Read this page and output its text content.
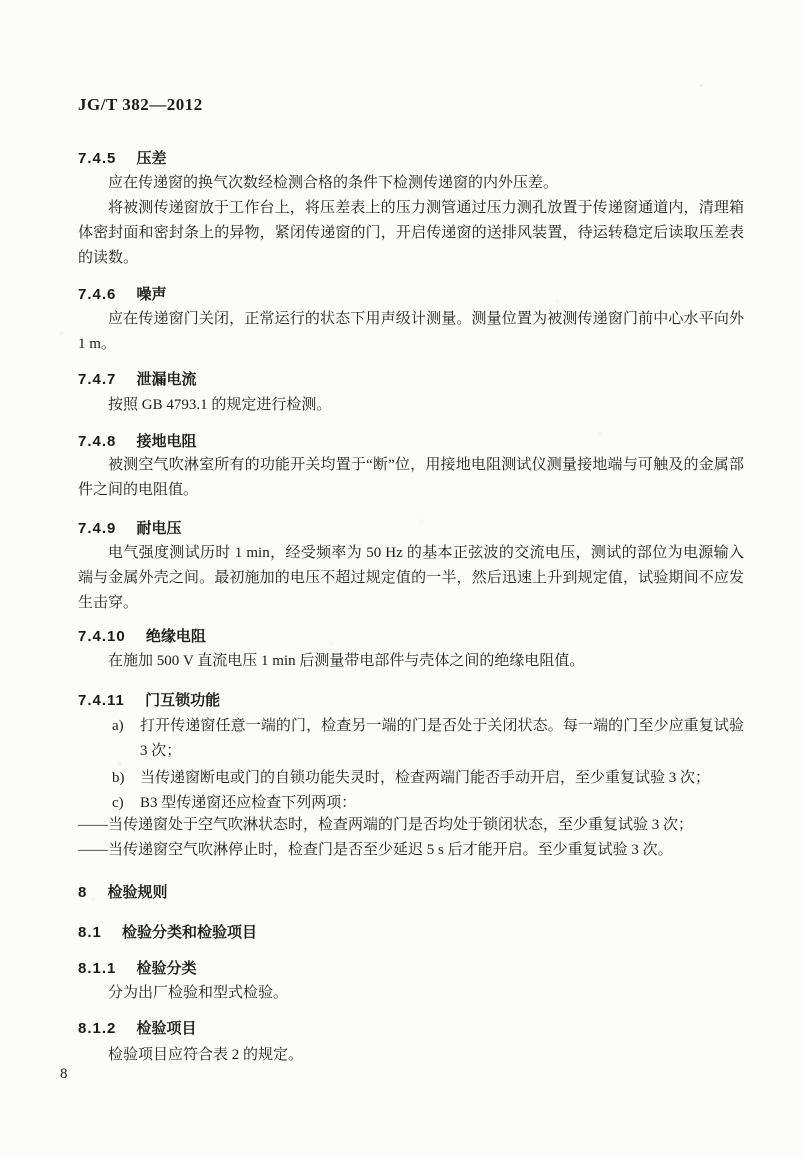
JG/T 382—2012
7.4.5 压差
应在传递窗的换气次数经检测合格的条件下检测传递窗的内外压差。
将被测传递窗放于工作台上，将压差表上的压力测管通过压力测孔放置于传递窗通道内，清理箱体密封面和密封条上的异物，紧闭传递窗的门，开启传递窗的送排风装置，待运转稳定后读取压差表的读数。
7.4.6 噪声
应在传递窗门关闭，正常运行的状态下用声级计测量。测量位置为被测传递窗门前中心水平向外 1 m。
7.4.7 泄漏电流
按照 GB 4793.1 的规定进行检测。
7.4.8 接地电阻
被测空气吹淋室所有的功能开关均置于“断”位，用接地电阻测试仪测量接地端与可触及的金属部件之间的电阻值。
7.4.9 耐电压
电气强度测试历时 1 min，经受频率为 50 Hz 的基本正弦波的交流电压，测试的部位为电源输入端与金属外壳之间。最初施加的电压不超过规定值的一半，然后迅速上升到规定值，试验期间不应发生击穿。
7.4.10 绝缘电阻
在施加 500 V 直流电压 1 min 后测量带电部件与壳体之间的绝缘电阻值。
7.4.11 门互锁功能
a) 打开传递窗任意一端的门，检查另一端的门是否处于关闭状态。每一端的门至少应重复试验 3 次；
b) 当传递窗断电或门的自锁功能失灵时，检查两端门能否手动开启，至少重复试验 3 次；
c) B3 型传递窗还应检查下列两项：
——当传递窗处于空气吹淋状态时，检查两端的门是否均处于锁闭状态，至少重复试验 3 次；
——当传递窗空气吹淋停止时，检查门是否至少延迟 5 s 后才能开启。至少重复试验 3 次。
8 检验规则
8.1 检验分类和检验项目
8.1.1 检验分类
分为出厂检验和型式检验。
8.1.2 检验项目
检验项目应符合表 2 的规定。
8
